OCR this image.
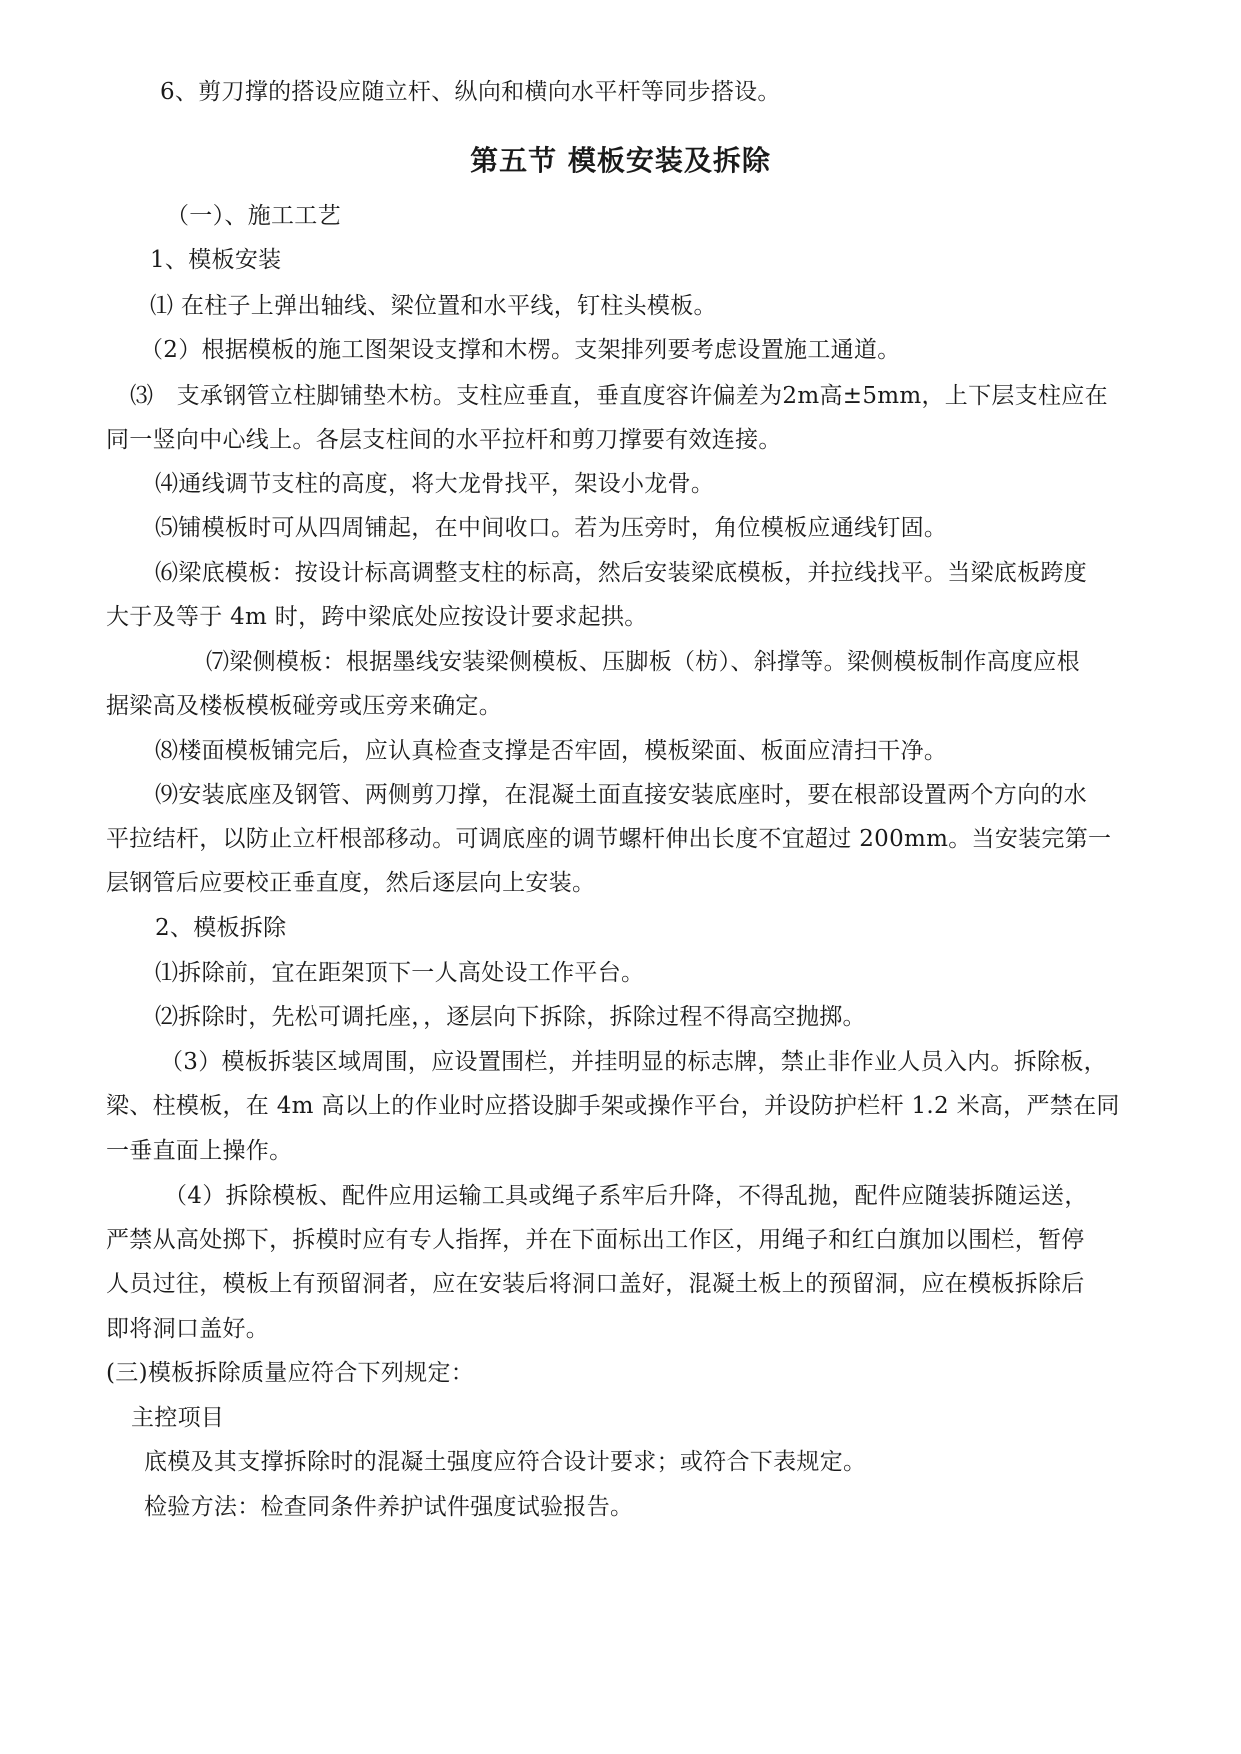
6、剪刀撑的搭设应随立杆、纵向和横向水平杆等同步搭设。

第五节 模板安装及拆除

（一）、施工工艺

1、模板安装

⑴ 在柱子上弹出轴线、梁位置和水平线，钉柱头模板。

（2）根据模板的施工图架设支撑和木楞。支架排列要考虑设置施工通道。

⑶　支承钢管立柱脚铺垫木枋。支柱应垂直，垂直度容许偏差为2m高±5mm，上下层支柱应在

同一竖向中心线上。各层支柱间的水平拉杆和剪刀撑要有效连接。

⑷通线调节支柱的高度，将大龙骨找平，架设小龙骨。

⑸铺模板时可从四周铺起，在中间收口。若为压旁时，角位模板应通线钉固。

⑹梁底模板：按设计标高调整支柱的标高，然后安装梁底模板，并拉线找平。当梁底板跨度

大于及等于 4m 时，跨中梁底处应按设计要求起拱。

⑺梁侧模板：根据墨线安装梁侧模板、压脚板（枋）、斜撑等。梁侧模板制作高度应根

据梁高及楼板模板碰旁或压旁来确定。

⑻楼面模板铺完后，应认真检查支撑是否牢固，模板梁面、板面应清扫干净。

⑼安装底座及钢管、两侧剪刀撑，在混凝土面直接安装底座时，要在根部设置两个方向的水

平拉结杆，以防止立杆根部移动。可调底座的调节螺杆伸出长度不宜超过 200mm。当安装完第一

层钢管后应要校正垂直度，然后逐层向上安装。

2、模板拆除

⑴拆除前，宜在距架顶下一人高处设工作平台。

⑵拆除时，先松可调托座，，逐层向下拆除，拆除过程不得高空抛掷。

（3）模板拆装区域周围，应设置围栏，并挂明显的标志牌，禁止非作业人员入内。拆除板，

梁、柱模板，在 4m 高以上的作业时应搭设脚手架或操作平台，并设防护栏杆 1.2 米高，严禁在同

一垂直面上操作。

（4）拆除模板、配件应用运输工具或绳子系牢后升降，不得乱抛，配件应随装拆随运送，

严禁从高处掷下，拆模时应有专人指挥，并在下面标出工作区，用绳子和红白旗加以围栏，暂停

人员过往，模板上有预留洞者，应在安装后将洞口盖好，混凝土板上的预留洞，应在模板拆除后

即将洞口盖好。

(三)模板拆除质量应符合下列规定：

主控项目

底模及其支撑拆除时的混凝土强度应符合设计要求；或符合下表规定。

检验方法：检查同条件养护试件强度试验报告。
